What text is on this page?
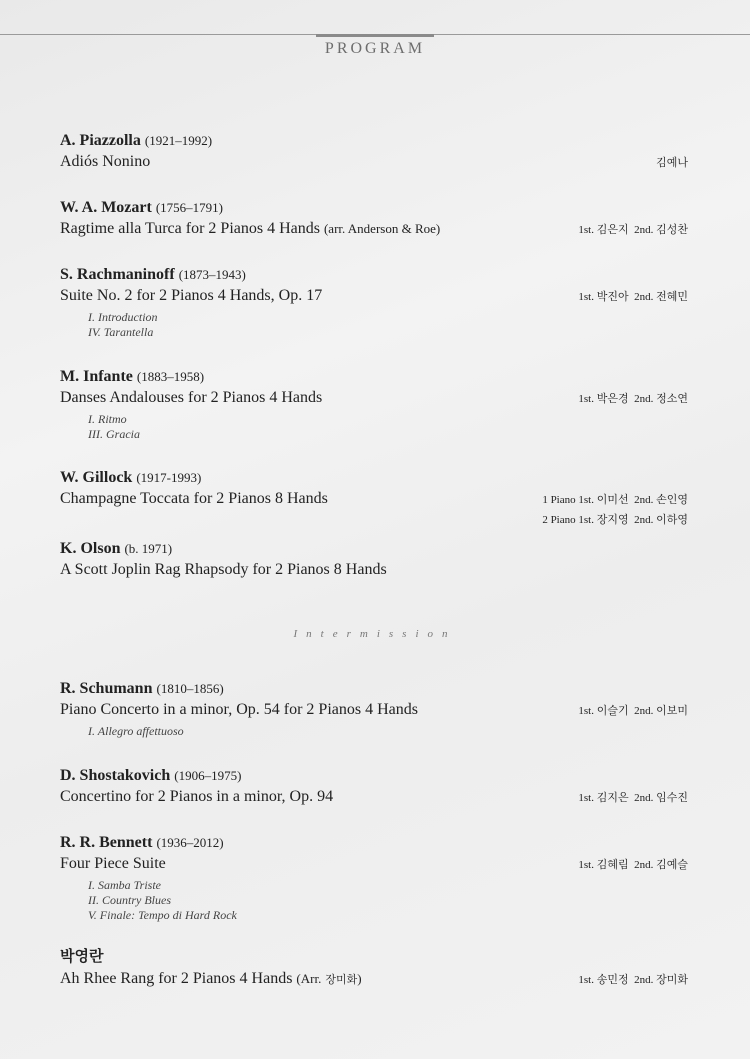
PROGRAM
A. Piazzolla (1921–1992)
Adiós Nonino	김예나
W. A. Mozart (1756–1791)
Ragtime alla Turca for 2 Pianos 4 Hands (arr. Anderson & Roe)	1st. 김은지 2nd. 김성찬
S. Rachmaninoff (1873–1943)
Suite No. 2 for 2 Pianos 4 Hands, Op. 17	1st. 박진아 2nd. 전혜민
I. Introduction
IV. Tarantella
M. Infante (1883–1958)
Danses Andalouses for 2 Pianos 4 Hands	1st. 박은경 2nd. 정소연
I. Ritmo
III. Gracia
W. Gillock (1917-1993)
Champagne Toccata for 2 Pianos 8 Hands	1 Piano 1st. 이미선 2nd. 손인영
2 Piano 1st. 장지영 2nd. 이하영
K. Olson (b. 1971)
A Scott Joplin Rag Rhapsody for 2 Pianos 8 Hands
Intermission
R. Schumann (1810–1856)
Piano Concerto in a minor, Op. 54 for 2 Pianos 4 Hands	1st. 이슬기 2nd. 이보미
I. Allegro affettuoso
D. Shostakovich (1906–1975)
Concertino for 2 Pianos in a minor, Op. 94	1st. 김지은 2nd. 임수진
R. R. Bennett (1936–2012)
Four Piece Suite	1st. 김혜림 2nd. 김예슬
I. Samba Triste
II. Country Blues
V. Finale: Tempo di Hard Rock
박영란
Ah Rhee Rang for 2 Pianos 4 Hands (Arr. 장미화)	1st. 송민정 2nd. 장미화
